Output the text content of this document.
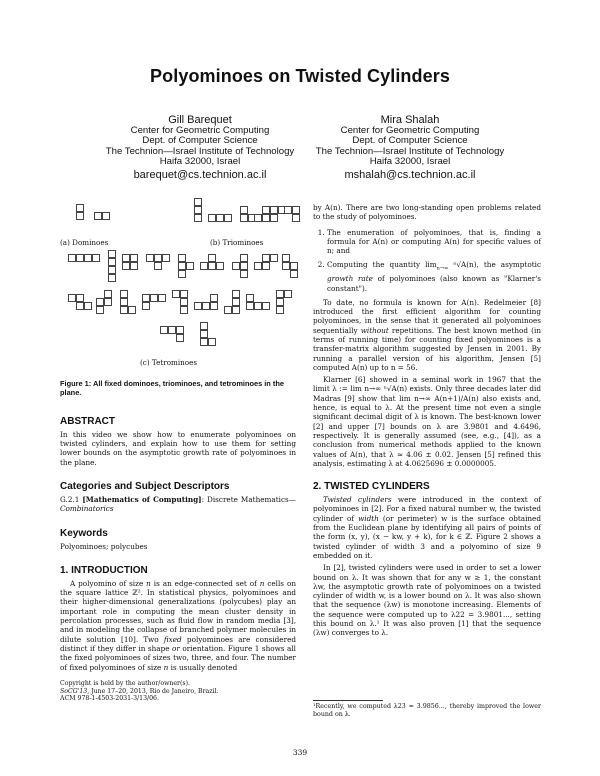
Polyominoes on Twisted Cylinders
Gill Barequet
Center for Geometric Computing
Dept. of Computer Science
The Technion—Israel Institute of Technology
Haifa 32000, Israel
barequet@cs.technion.ac.il
Mira Shalah
Center for Geometric Computing
Dept. of Computer Science
The Technion—Israel Institute of Technology
Haifa 32000, Israel
mshalah@cs.technion.ac.il
(a) Dominoes	(b) Triominoes
(c) Tetrominoes

Figure 1: All fixed dominoes, triominoes, and tetrominoes in the plane.

ABSTRACT

In this video we show how to enumerate polyominoes on twisted cylinders, and explain how to use them for setting lower bounds on the asymptotic growth rate of polyominoes in the plane.

Categories and Subject Descriptors

G.2.1 [Mathematics of Computing]: Discrete Mathematics—Combinatorics

Keywords

Polyominoes; polycubes

1. INTRODUCTION

A polyomino of size n is an edge-connected set of n cells on the square lattice ℤ². In statistical physics, polyominoes and their higher-dimensional generalizations (polycubes) play an important role in computing the mean cluster density in percolation processes, such as fluid flow in random media [3], and in modeling the collapse of branched polymer molecules in dilute solution [10]. Two fixed polyominoes are considered distinct if they differ in shape or orientation. Figure 1 shows all the fixed polyominoes of sizes two, three, and four. The number of fixed polyominoes of size n is usually denoted

Copyright is held by the author/owner(s).
SoCG'13, June 17–20, 2013, Rio de Janeiro, Brazil.
ACM 978-1-4503-2031-3/13/06.

by A(n). There are two long-standing open problems related to the study of polyominoes.

1. The enumeration of polyominoes, that is, finding a formula for A(n) or computing A(n) for specific values of n; and
2. Computing the quantity $\lim_{n\to\infty} ^n√A(n)$, the asymptotic growth rate of polyominoes (also known as "Klarner's constant").

To date, no formula is known for A(n). Redelmeier [8] introduced the first efficient algorithm for counting polyominoes, in the sense that it generated all polyominoes sequentially without repetitions. The best known method (in terms of running time) for counting fixed polyominoes is a transfer-matrix algorithm suggested by Jensen in 2001. By running a parallel version of his algorithm, Jensen [5] computed A(n) up to n = 56.

Klarner [6] showed in a seminal work in 1967 that the limit λ := lim n→∞ ⁿ√A(n) exists. Only three decades later did Madras [9] show that lim n→∞ A(n+1)/A(n) also exists and, hence, is equal to λ. At the present time not even a single significant decimal digit of λ is known. The best-known lower [2] and upper [7] bounds on λ are 3.9801 and 4.6496, respectively. It is generally assumed (see, e.g., [4]), as a conclusion from numerical methods applied to the known values of A(n), that λ ≈ 4.06 ± 0.02. Jensen [5] refined this analysis, estimating λ at 4.0625696 ± 0.0000005.

2. TWISTED CYLINDERS

Twisted cylinders were introduced in the context of polyominoes in [2]. For a fixed natural number w, the twisted cylinder of width (or perimeter) w is the surface obtained from the Euclidean plane by identifying all pairs of points of the form (x, y), (x − kw, y + k), for k ∈ ℤ. Figure 2 shows a twisted cylinder of width 3 and a polyomino of size 9 embedded on it.

In [2], twisted cylinders were used in order to set a lower bound on λ. It was shown that for any w ≥ 1, the constant λw, the asymptotic growth rate of polyominoes on a twisted cylinder of width w, is a lower bound on λ. It was also shown that the sequence (λw) is monotone increasing. Elements of the sequence were computed up to λ22 = 3.9801..., setting this bound on λ.¹ It was also proven [1] that the sequence (λw) converges to λ.

¹Recently, we computed λ23 = 3.9856..., thereby improved the lower bound on λ.
339
